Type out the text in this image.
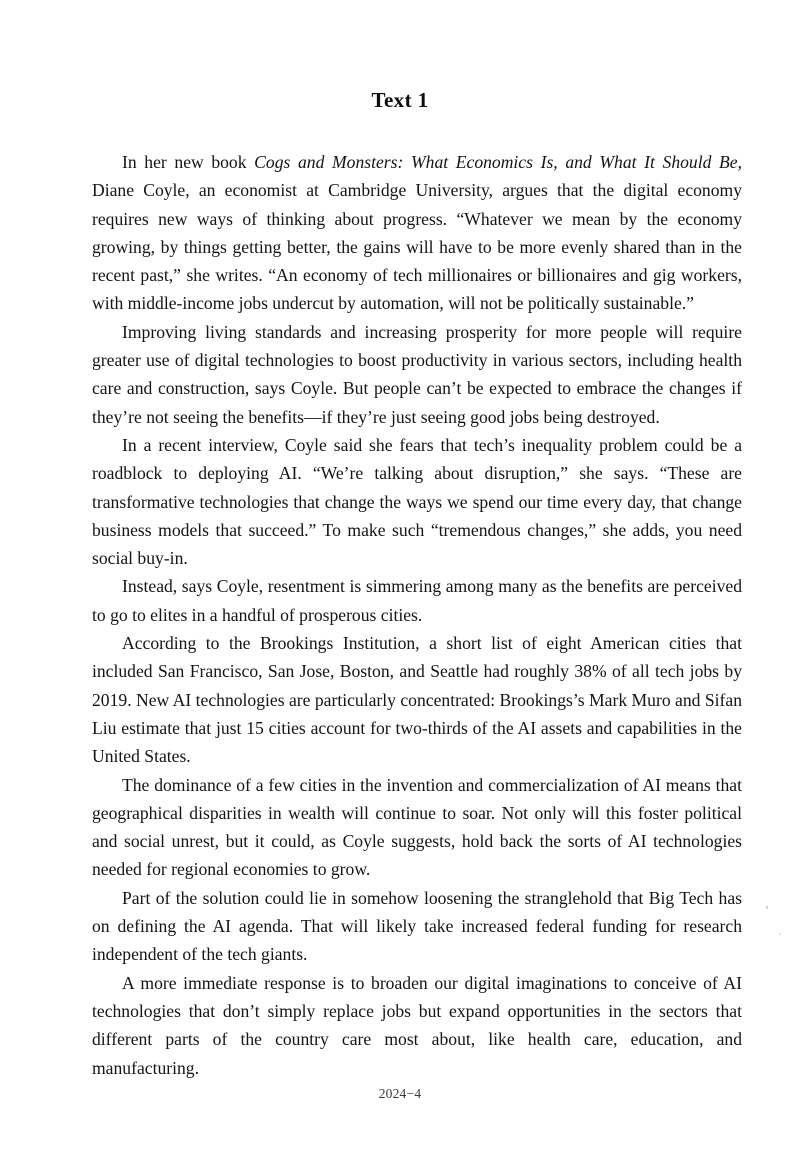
Text 1

In her new book Cogs and Monsters: What Economics Is, and What It Should Be, Diane Coyle, an economist at Cambridge University, argues that the digital economy requires new ways of thinking about progress. “Whatever we mean by the economy growing, by things getting better, the gains will have to be more evenly shared than in the recent past,” she writes. “An economy of tech millionaires or billionaires and gig workers, with middle-income jobs undercut by automation, will not be politically sustainable.”

Improving living standards and increasing prosperity for more people will require greater use of digital technologies to boost productivity in various sectors, including health care and construction, says Coyle. But people can’t be expected to embrace the changes if they’re not seeing the benefits—if they’re just seeing good jobs being destroyed.

In a recent interview, Coyle said she fears that tech’s inequality problem could be a roadblock to deploying AI. “We’re talking about disruption,” she says. “These are transformative technologies that change the ways we spend our time every day, that change business models that succeed.” To make such “tremendous changes,” she adds, you need social buy-in.

Instead, says Coyle, resentment is simmering among many as the benefits are perceived to go to elites in a handful of prosperous cities.

According to the Brookings Institution, a short list of eight American cities that included San Francisco, San Jose, Boston, and Seattle had roughly 38% of all tech jobs by 2019. New AI technologies are particularly concentrated: Brookings’s Mark Muro and Sifan Liu estimate that just 15 cities account for two-thirds of the AI assets and capabilities in the United States.

The dominance of a few cities in the invention and commercialization of AI means that geographical disparities in wealth will continue to soar. Not only will this foster political and social unrest, but it could, as Coyle suggests, hold back the sorts of AI technologies needed for regional economies to grow.

Part of the solution could lie in somehow loosening the stranglehold that Big Tech has on defining the AI agenda. That will likely take increased federal funding for research independent of the tech giants.

A more immediate response is to broaden our digital imaginations to conceive of AI technologies that don’t simply replace jobs but expand opportunities in the sectors that different parts of the country care most about, like health care, education, and manufacturing.

2024−4
